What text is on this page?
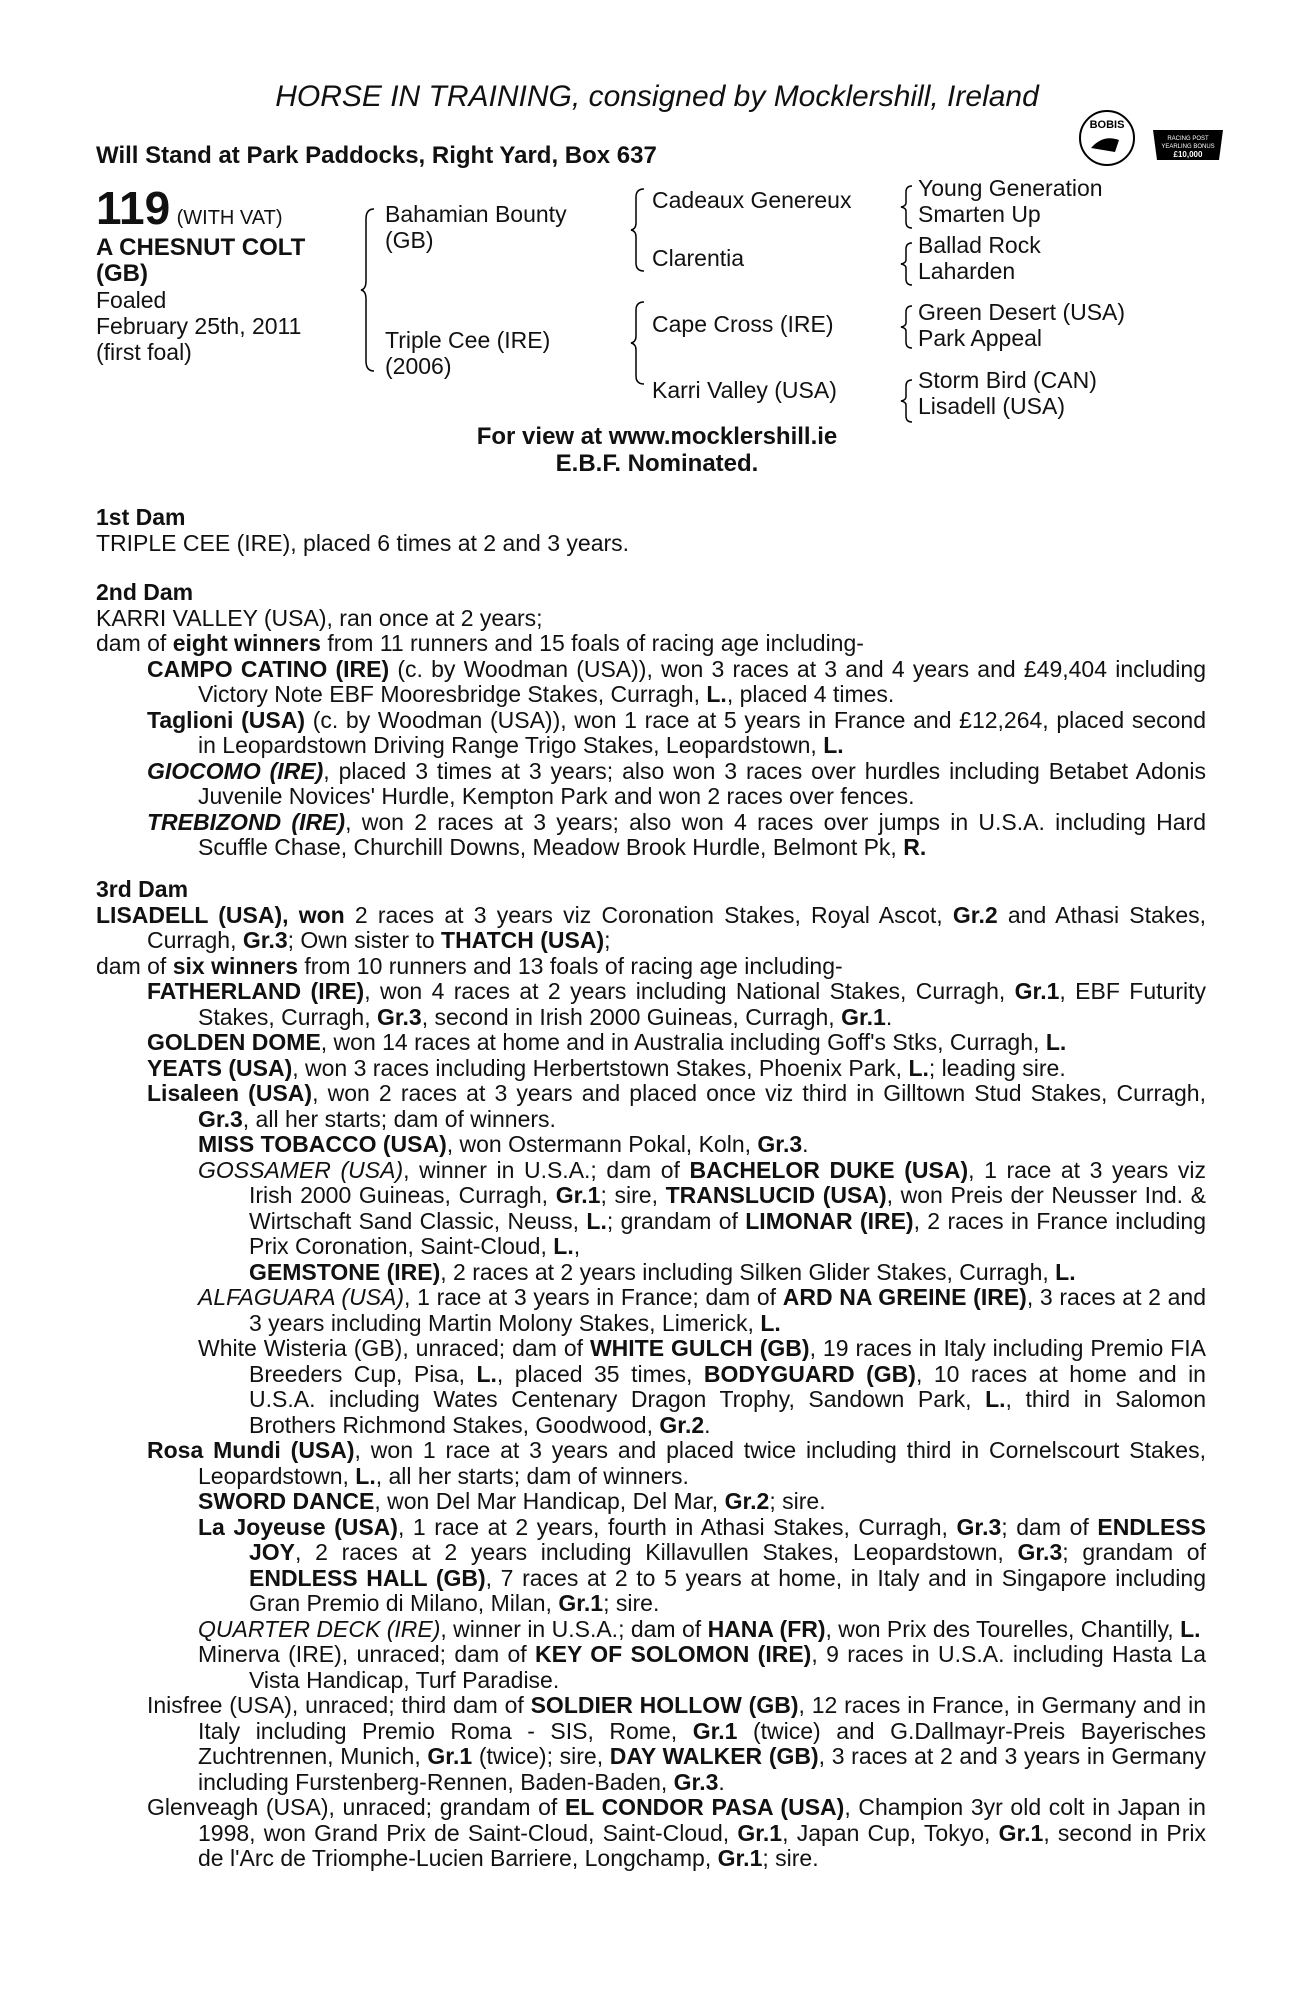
HORSE IN TRAINING, consigned by Mocklershill, Ireland
Will Stand at Park Paddocks, Right Yard, Box 637
BOBIS
RACING POST
YEARLING BONUS
£10,000
119 (WITH VAT)
A CHESNUT COLT
(GB)
Foaled
February 25th, 2011
(first foal)
Bahamian Bounty
(GB)
Triple Cee (IRE)
(2006)
Cadeaux Genereux
Clarentia
Cape Cross (IRE)
Karri Valley (USA)
Young Generation
Smarten Up
Ballad Rock
Laharden
Green Desert (USA)
Park Appeal
Storm Bird (CAN)
Lisadell (USA)
For view at www.mocklershill.ie
E.B.F. Nominated.
1st Dam

TRIPLE CEE (IRE), placed 6 times at 2 and 3 years.

2nd Dam

KARRI VALLEY (USA), ran once at 2 years;

dam of eight winners from 11 runners and 15 foals of racing age including-

CAMPO CATINO (IRE) (c. by Woodman (USA)), won 3 races at 3 and 4 years and £49,404 including Victory Note EBF Mooresbridge Stakes, Curragh, L., placed 4 times.

Taglioni (USA) (c. by Woodman (USA)), won 1 race at 5 years in France and £12,264, placed second in Leopardstown Driving Range Trigo Stakes, Leopardstown, L.

GIOCOMO (IRE), placed 3 times at 3 years; also won 3 races over hurdles including Betabet Adonis Juvenile Novices' Hurdle, Kempton Park and won 2 races over fences.

TREBIZOND (IRE), won 2 races at 3 years; also won 4 races over jumps in U.S.A. including Hard Scuffle Chase, Churchill Downs, Meadow Brook Hurdle, Belmont Pk, R.

3rd Dam

LISADELL (USA), won 2 races at 3 years viz Coronation Stakes, Royal Ascot, Gr.2 and Athasi Stakes, Curragh, Gr.3; Own sister to THATCH (USA);

dam of six winners from 10 runners and 13 foals of racing age including-

FATHERLAND (IRE), won 4 races at 2 years including National Stakes, Curragh, Gr.1, EBF Futurity Stakes, Curragh, Gr.3, second in Irish 2000 Guineas, Curragh, Gr.1.

GOLDEN DOME, won 14 races at home and in Australia including Goff's Stks, Curragh, L.

YEATS (USA), won 3 races including Herbertstown Stakes, Phoenix Park, L.; leading sire.

Lisaleen (USA), won 2 races at 3 years and placed once viz third in Gilltown Stud Stakes, Curragh, Gr.3, all her starts; dam of winners.

MISS TOBACCO (USA), won Ostermann Pokal, Koln, Gr.3.

GOSSAMER (USA), winner in U.S.A.; dam of BACHELOR DUKE (USA), 1 race at 3 years viz Irish 2000 Guineas, Curragh, Gr.1; sire, TRANSLUCID (USA), won Preis der Neusser Ind. & Wirtschaft Sand Classic, Neuss, L.; grandam of LIMONAR (IRE), 2 races in France including Prix Coronation, Saint-Cloud, L.,

GEMSTONE (IRE), 2 races at 2 years including Silken Glider Stakes, Curragh, L.

ALFAGUARA (USA), 1 race at 3 years in France; dam of ARD NA GREINE (IRE), 3 races at 2 and 3 years including Martin Molony Stakes, Limerick, L.

White Wisteria (GB), unraced; dam of WHITE GULCH (GB), 19 races in Italy including Premio FIA Breeders Cup, Pisa, L., placed 35 times, BODYGUARD (GB), 10 races at home and in U.S.A. including Wates Centenary Dragon Trophy, Sandown Park, L., third in Salomon Brothers Richmond Stakes, Goodwood, Gr.2.

Rosa Mundi (USA), won 1 race at 3 years and placed twice including third in Cornelscourt Stakes, Leopardstown, L., all her starts; dam of winners.

SWORD DANCE, won Del Mar Handicap, Del Mar, Gr.2; sire.

La Joyeuse (USA), 1 race at 2 years, fourth in Athasi Stakes, Curragh, Gr.3; dam of ENDLESS JOY, 2 races at 2 years including Killavullen Stakes, Leopardstown, Gr.3; grandam of ENDLESS HALL (GB), 7 races at 2 to 5 years at home, in Italy and in Singapore including Gran Premio di Milano, Milan, Gr.1; sire.

QUARTER DECK (IRE), winner in U.S.A.; dam of HANA (FR), won Prix des Tourelles, Chantilly, L.

Minerva (IRE), unraced; dam of KEY OF SOLOMON (IRE), 9 races in U.S.A. including Hasta La Vista Handicap, Turf Paradise.

Inisfree (USA), unraced; third dam of SOLDIER HOLLOW (GB), 12 races in France, in Germany and in Italy including Premio Roma - SIS, Rome, Gr.1 (twice) and G.Dallmayr-Preis Bayerisches Zuchtrennen, Munich, Gr.1 (twice); sire, DAY WALKER (GB), 3 races at 2 and 3 years in Germany including Furstenberg-Rennen, Baden-Baden, Gr.3.

Glenveagh (USA), unraced; grandam of EL CONDOR PASA (USA), Champion 3yr old colt in Japan in 1998, won Grand Prix de Saint-Cloud, Saint-Cloud, Gr.1, Japan Cup, Tokyo, Gr.1, second in Prix de l'Arc de Triomphe-Lucien Barriere, Longchamp, Gr.1; sire.
